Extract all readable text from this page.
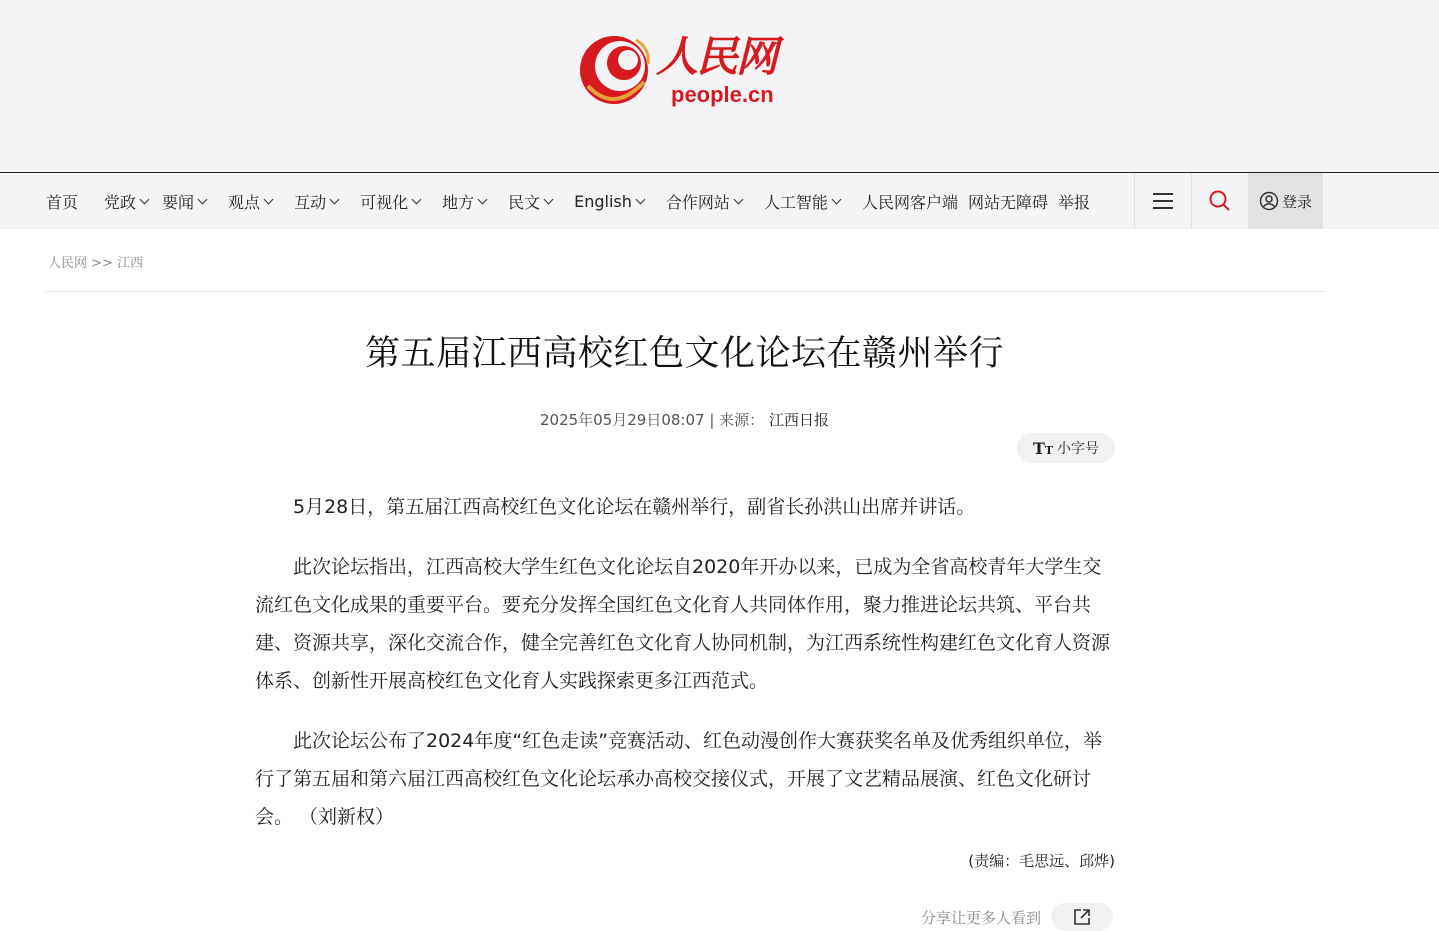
人民网
people.cn
首页 党政 要闻 观点 互动 可视化 地方 民文 English 合作网站 人工智能 人民网客户端 网站无障碍 举报	登录
人民网 >> 江西
第五届江西高校红色文化论坛在赣州举行
2025年05月29日08:07 | 来源： 江西日报
TT 小字号

5月28日，第五届江西高校红色文化论坛在赣州举行，副省长孙洪山出席并讲话。

此次论坛指出，江西高校大学生红色文化论坛自2020年开办以来，已成为全省高校青年大学生交流红色文化成果的重要平台。要充分发挥全国红色文化育人共同体作用，聚力推进论坛共筑、平台共建、资源共享，深化交流合作，健全完善红色文化育人协同机制，为江西系统性构建红色文化育人资源体系、创新性开展高校红色文化育人实践探索更多江西范式。

此次论坛公布了2024年度“红色走读”竞赛活动、红色动漫创作大赛获奖名单及优秀组织单位，举行了第五届和第六届江西高校红色文化论坛承办高校交接仪式，开展了文艺精品展演、红色文化研讨会。 （刘新权）

(责编：毛思远、邱烨)
分享让更多人看到
